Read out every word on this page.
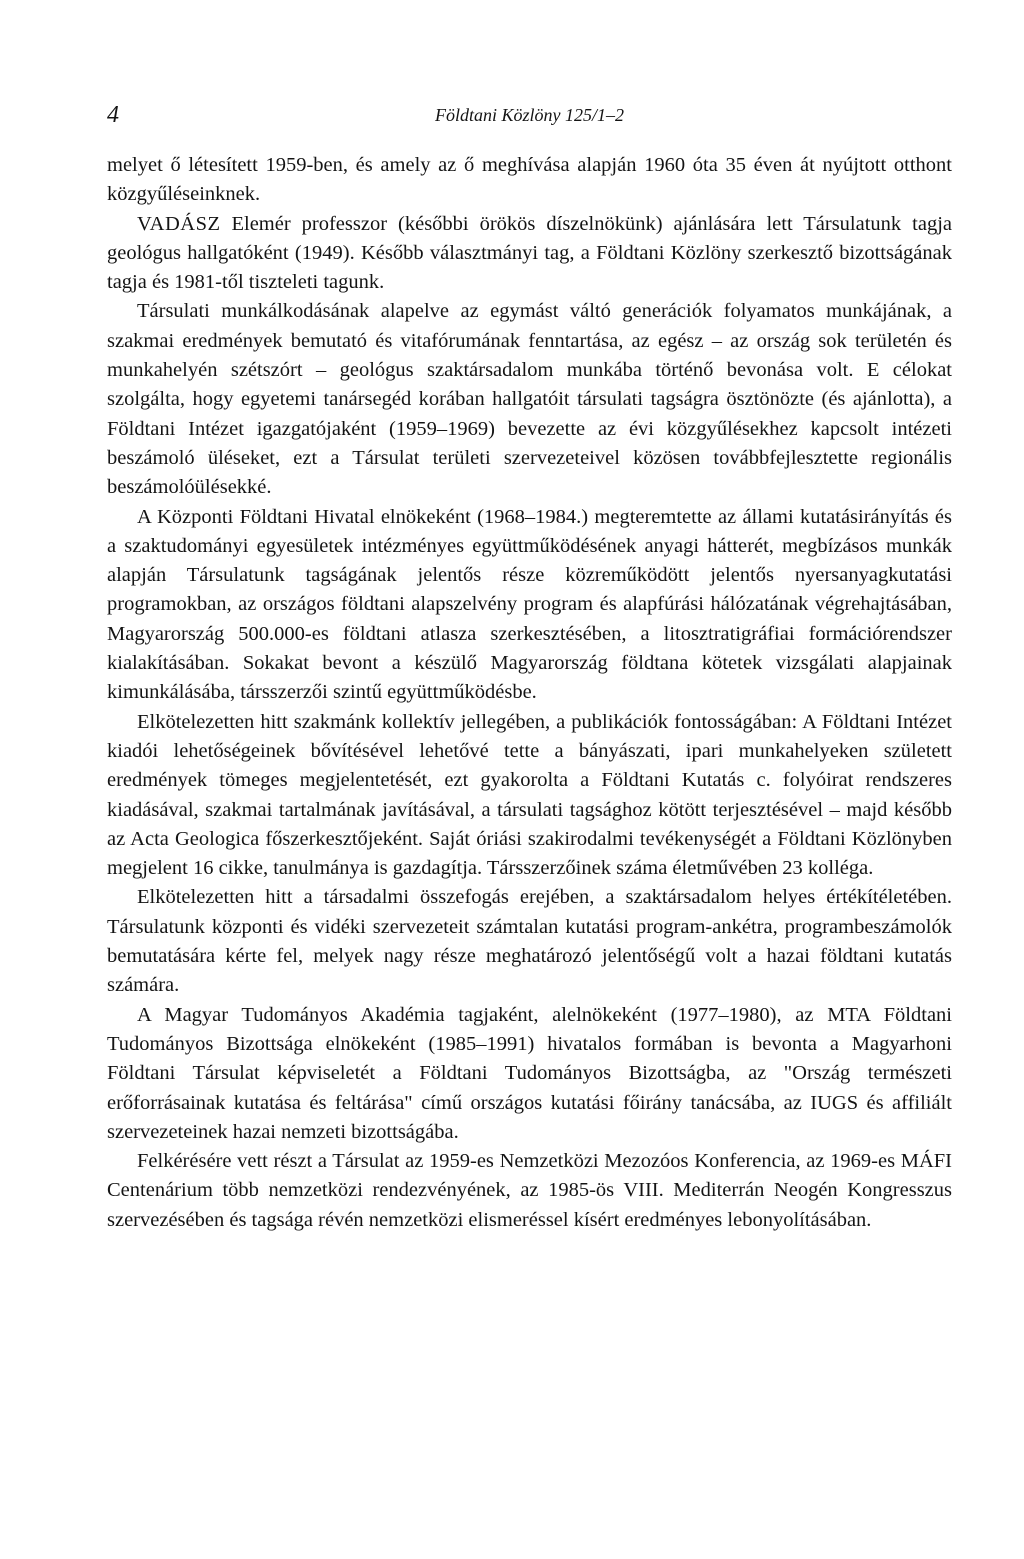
4	Földtani Közlöny 125/1–2

melyet ő létesített 1959-ben, és amely az ő meghívása alapján 1960 óta 35 éven át nyújtott otthont közgyűléseinknek.

VADÁSZ Elemér professzor (későbbi örökös díszelnökünk) ajánlására lett Társulatunk tagja geológus hallgatóként (1949). Később választmányi tag, a Földtani Közlöny szerkesztő bizottságának tagja és 1981-től tiszteleti tagunk.

Társulati munkálkodásának alapelve az egymást váltó generációk folyamatos munkájának, a szakmai eredmények bemutató és vitafórumának fenntartása, az egész – az ország sok területén és munkahelyén szétszórt – geológus szaktársadalom munkába történő bevonása volt. E célokat szolgálta, hogy egyetemi tanársegéd korában hallgatóit társulati tagságra ösztönözte (és ajánlotta), a Földtani Intézet igazgatójaként (1959–1969) bevezette az évi közgyűlésekhez kapcsolt intézeti beszámoló üléseket, ezt a Társulat területi szervezeteivel közösen továbbfejlesztette regionális beszámolóülésekké.

A Központi Földtani Hivatal elnökeként (1968–1984.) megteremtette az állami kutatásirányítás és a szaktudományi egyesületek intézményes együttműködésének anyagi hátterét, megbízásos munkák alapján Társulatunk tagságának jelentős része közreműködött jelentős nyersanyagkutatási programokban, az országos földtani alapszelvény program és alapfúrási hálózatának végrehajtásában, Magyarország 500.000-es földtani atlasza szerkesztésében, a litosztratigráfiai formációrendszer kialakításában. Sokakat bevont a készülő Magyarország földtana kötetek vizsgálati alapjainak kimunkálásába, társszerzői szintű együttműködésbe.

Elkötelezetten hitt szakmánk kollektív jellegében, a publikációk fontosságában: A Földtani Intézet kiadói lehetőségeinek bővítésével lehetővé tette a bányászati, ipari munkahelyeken született eredmények tömeges megjelentetését, ezt gyakorolta a Földtani Kutatás c. folyóirat rendszeres kiadásával, szakmai tartalmának javításával, a társulati tagsághoz kötött terjesztésével – majd később az Acta Geologica főszerkesztőjeként. Saját óriási szakirodalmi tevékenységét a Földtani Közlönyben megjelent 16 cikke, tanulmánya is gazdagítja. Társszerzőinek száma életművében 23 kolléga.

Elkötelezetten hitt a társadalmi összefogás erejében, a szaktársadalom helyes értékítéletében. Társulatunk központi és vidéki szervezeteit számtalan kutatási program-ankétra, programbeszámolók bemutatására kérte fel, melyek nagy része meghatározó jelentőségű volt a hazai földtani kutatás számára.

A Magyar Tudományos Akadémia tagjaként, alelnökeként (1977–1980), az MTA Földtani Tudományos Bizottsága elnökeként (1985–1991) hivatalos formában is bevonta a Magyarhoni Földtani Társulat képviseletét a Földtani Tudományos Bizottságba, az "Ország természeti erőforrásainak kutatása és feltárása" című országos kutatási főirány tanácsába, az IUGS és affiliált szervezeteinek hazai nemzeti bizottságába.

Felkérésére vett részt a Társulat az 1959-es Nemzetközi Mezozóos Konferencia, az 1969-es MÁFI Centenárium több nemzetközi rendezvényének, az 1985-ös VIII. Mediterrán Neogén Kongresszus szervezésében és tagsága révén nemzetközi elismeréssel kísért eredményes lebonyolításában.
